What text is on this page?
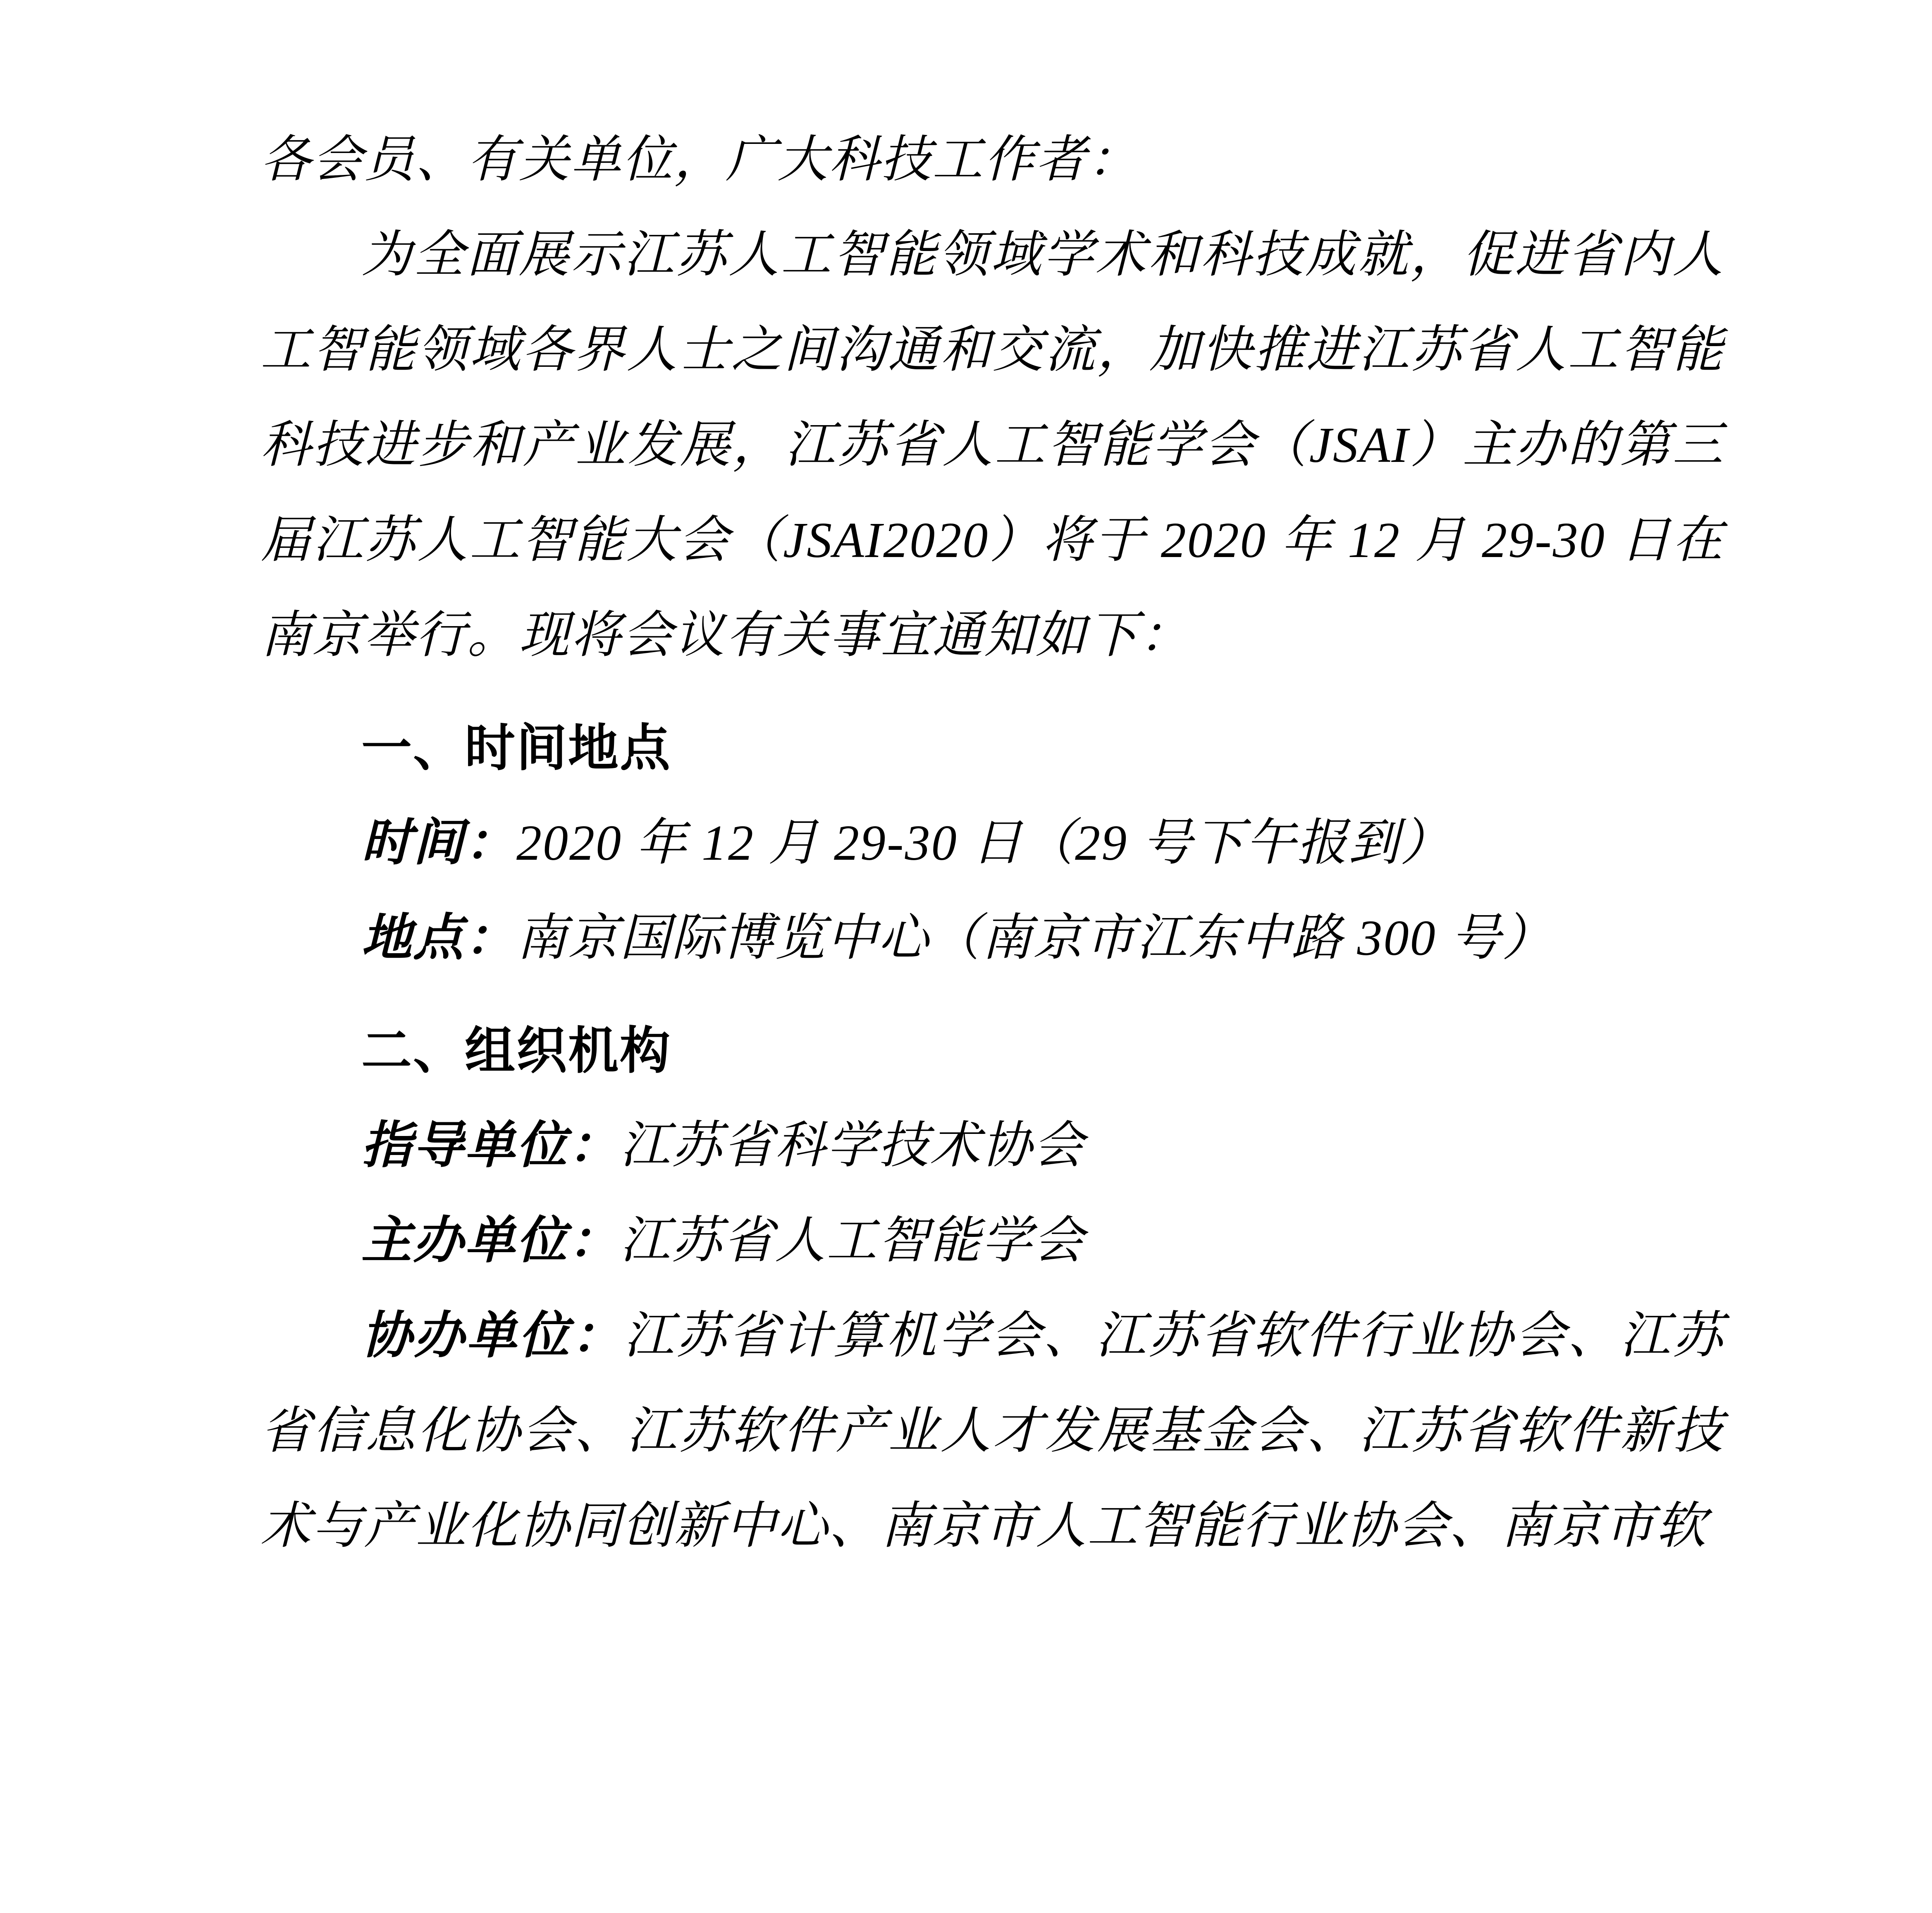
各会员、有关单位，广大科技工作者：

为全面展示江苏人工智能领域学术和科技成就，促进省内人工智能领域各界人士之间沟通和交流，加快推进江苏省人工智能科技进步和产业发展，江苏省人工智能学会（JSAI）主办的第三届江苏人工智能大会（JSAI2020）将于 2020 年 12 月 29-30 日在南京举行。现将会议有关事宜通知如下：

一、时间地点

时间：2020 年 12 月 29-30 日（29 号下午报到）

地点：南京国际博览中心（南京市江东中路 300 号）

二、组织机构

指导单位：江苏省科学技术协会

主办单位：江苏省人工智能学会

协办单位：江苏省计算机学会、江苏省软件行业协会、江苏省信息化协会、江苏软件产业人才发展基金会、江苏省软件新技术与产业化协同创新中心、南京市人工智能行业协会、南京市软
